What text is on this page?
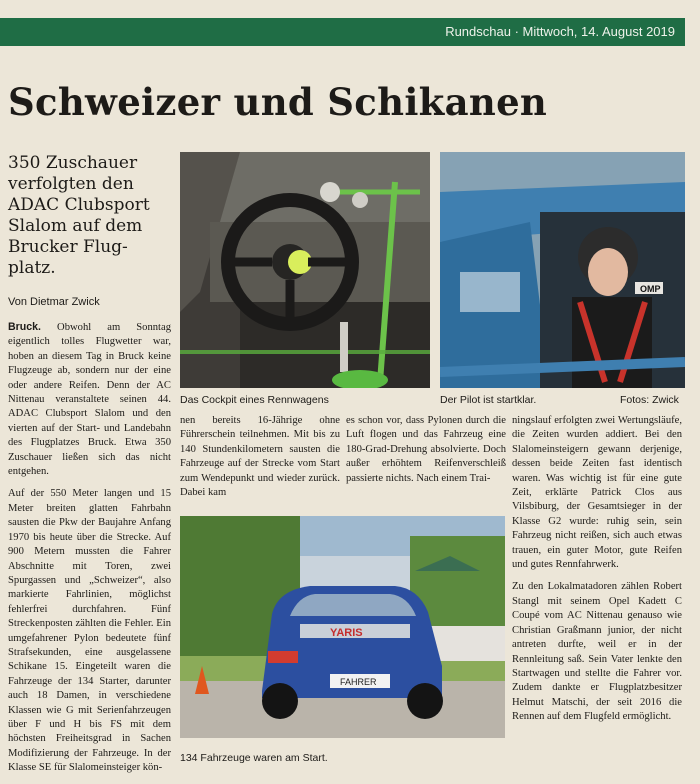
Rundschau · Mittwoch, 14. August 2019
Schweizer und Schikanen
350 Zuschauer
verfolgten den
ADAC Clubsport
Slalom auf dem
Brucker Flug-
platz.
Von Dietmar Zwick
OMP
YARIS
FAHRER
Das Cockpit eines Rennwagens	Der Pilot ist startklar.	Fotos: Zwick
134 Fahrzeuge waren am Start.

Bruck. Obwohl am Sonntag eigentlich tolles Flugwetter war, hoben an diesem Tag in Bruck keine Flugzeuge ab, sondern nur der eine oder andere Reifen. Denn der AC Nittenau veranstaltete seinen 44. ADAC Clubsport Slalom und den vierten auf der Start- und Landebahn des Flugplatzes Bruck. Etwa 350 Zuschauer ließen sich das nicht entgehen.

Auf der 550 Meter langen und 15 Meter breiten glatten Fahrbahn sausten die Pkw der Baujahre Anfang 1970 bis heute über die Strecke. Auf 900 Metern mussten die Fahrer Abschnitte mit Toren, zwei Spurgassen und „Schweizer“, also markierte Fahrlinien, möglichst fehlerfrei durchfahren. Fünf Streckenposten zählten die Fehler. Ein umgefahrener Pylon bedeutete fünf Strafsekunden, eine ausgelassene Schikane 15. Eingeteilt waren die Fahrzeuge der 134 Starter, darunter auch 18 Damen, in verschiedene Klassen wie G mit Serienfahrzeugen über F und H bis FS mit dem höchsten Freiheitsgrad in Sachen Modifizierung der Fahrzeuge. In der Klasse SE für Slalomeinsteiger kön-

nen bereits 16-Jährige ohne Führerschein teilnehmen. Mit bis zu 140 Stundenkilometern sausten die Fahrzeuge auf der Strecke vom Start zum Wendepunkt und wieder zurück. Dabei kam

es schon vor, dass Pylonen durch die Luft flogen und das Fahrzeug eine 180-Grad-Drehung absolvierte. Doch außer erhöhtem Reifenverschleiß passierte nichts. Nach einem Trai-

ningslauf erfolgten zwei Wertungsläufe, die Zeiten wurden addiert. Bei den Slalomeinsteigern gewann derjenige, dessen beide Zeiten fast identisch waren. Was wichtig ist für eine gute Zeit, erklärte Patrick Clos aus Vilsbiburg, der Gesamtsieger in der Klasse G2 wurde: ruhig sein, sein Fahrzeug nicht reißen, sich auch etwas trauen, ein guter Motor, gute Reifen und gutes Rennfahrwerk.

Zu den Lokalmatadoren zählen Robert Stangl mit seinem Opel Kadett C Coupé vom AC Nittenau genauso wie Christian Graßmann junior, der nicht antreten durfte, weil er in der Rennleitung saß. Sein Vater lenkte den Startwagen und stellte die Fahrer vor. Zudem dankte er Flugplatzbesitzer Helmut Matschi, der seit 2016 die Rennen auf dem Flugfeld ermöglicht.
